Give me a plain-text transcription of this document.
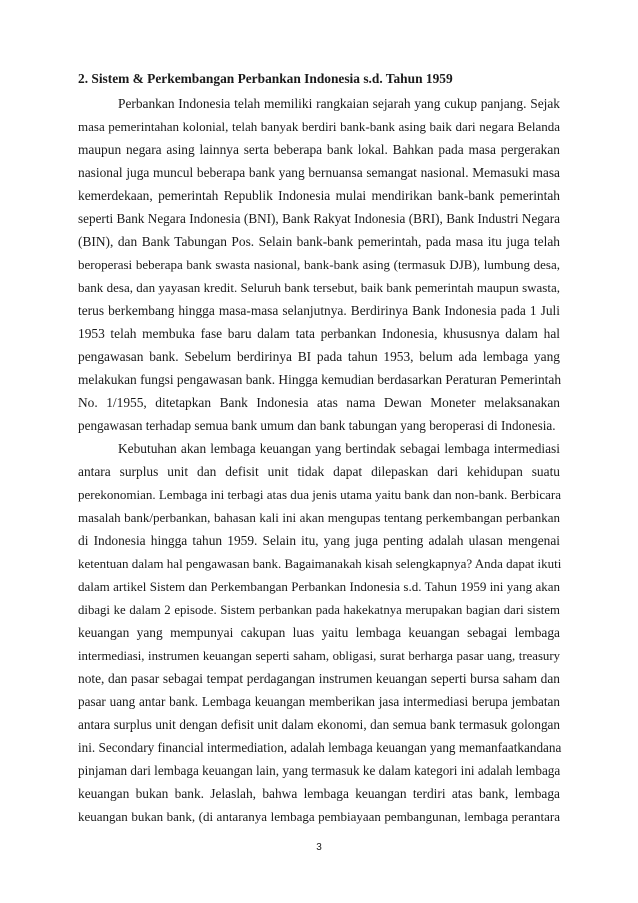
2. Sistem & Perkembangan Perbankan Indonesia s.d. Tahun 1959
Perbankan Indonesia telah memiliki rangkaian sejarah yang cukup panjang. Sejak
masa pemerintahan kolonial, telah banyak berdiri bank-bank asing baik dari negara Belanda
maupun negara asing lainnya serta beberapa bank lokal. Bahkan pada masa pergerakan
nasional juga muncul beberapa bank yang bernuansa semangat nasional. Memasuki masa
kemerdekaan, pemerintah Republik Indonesia mulai mendirikan bank-bank pemerintah
seperti Bank Negara Indonesia (BNI), Bank Rakyat Indonesia (BRI), Bank Industri Negara
(BIN), dan Bank Tabungan Pos. Selain bank-bank pemerintah, pada masa itu juga telah
beroperasi beberapa bank swasta nasional, bank-bank asing (termasuk DJB), lumbung desa,
bank desa, dan yayasan kredit. Seluruh bank tersebut, baik bank pemerintah maupun swasta,
terus berkembang hingga masa-masa selanjutnya. Berdirinya Bank Indonesia pada 1 Juli
1953 telah membuka fase baru dalam tata perbankan Indonesia, khususnya dalam hal
pengawasan bank. Sebelum berdirinya BI pada tahun 1953, belum ada lembaga yang
melakukan fungsi pengawasan bank. Hingga kemudian berdasarkan Peraturan Pemerintah
No. 1/1955, ditetapkan Bank Indonesia atas nama Dewan Moneter melaksanakan
pengawasan terhadap semua bank umum dan bank tabungan yang beroperasi di Indonesia.
Kebutuhan akan lembaga keuangan yang bertindak sebagai lembaga intermediasi
antara surplus unit dan defisit unit tidak dapat dilepaskan dari kehidupan suatu
perekonomian. Lembaga ini terbagi atas dua jenis utama yaitu bank dan non-bank. Berbicara
masalah bank/perbankan, bahasan kali ini akan mengupas tentang perkembangan perbankan
di Indonesia hingga tahun 1959. Selain itu, yang juga penting adalah ulasan mengenai
ketentuan dalam hal pengawasan bank. Bagaimanakah kisah selengkapnya? Anda dapat ikuti
dalam artikel Sistem dan Perkembangan Perbankan Indonesia s.d. Tahun 1959 ini yang akan
dibagi ke dalam 2 episode. Sistem perbankan pada hakekatnya merupakan bagian dari sistem
keuangan yang mempunyai cakupan luas yaitu lembaga keuangan sebagai lembaga
intermediasi, instrumen keuangan seperti saham, obligasi, surat berharga pasar uang, treasury
note, dan pasar sebagai tempat perdagangan instrumen keuangan seperti bursa saham dan
pasar uang antar bank. Lembaga keuangan memberikan jasa intermediasi berupa jembatan
antara surplus unit dengan defisit unit dalam ekonomi, dan semua bank termasuk golongan
ini. Secondary financial intermediation, adalah lembaga keuangan yang memanfaatkandana
pinjaman dari lembaga keuangan lain, yang termasuk ke dalam kategori ini adalah lembaga
keuangan bukan bank. Jelaslah, bahwa lembaga keuangan terdiri atas bank, lembaga
keuangan bukan bank, (di antaranya lembaga pembiayaan pembangunan, lembaga perantara
3
